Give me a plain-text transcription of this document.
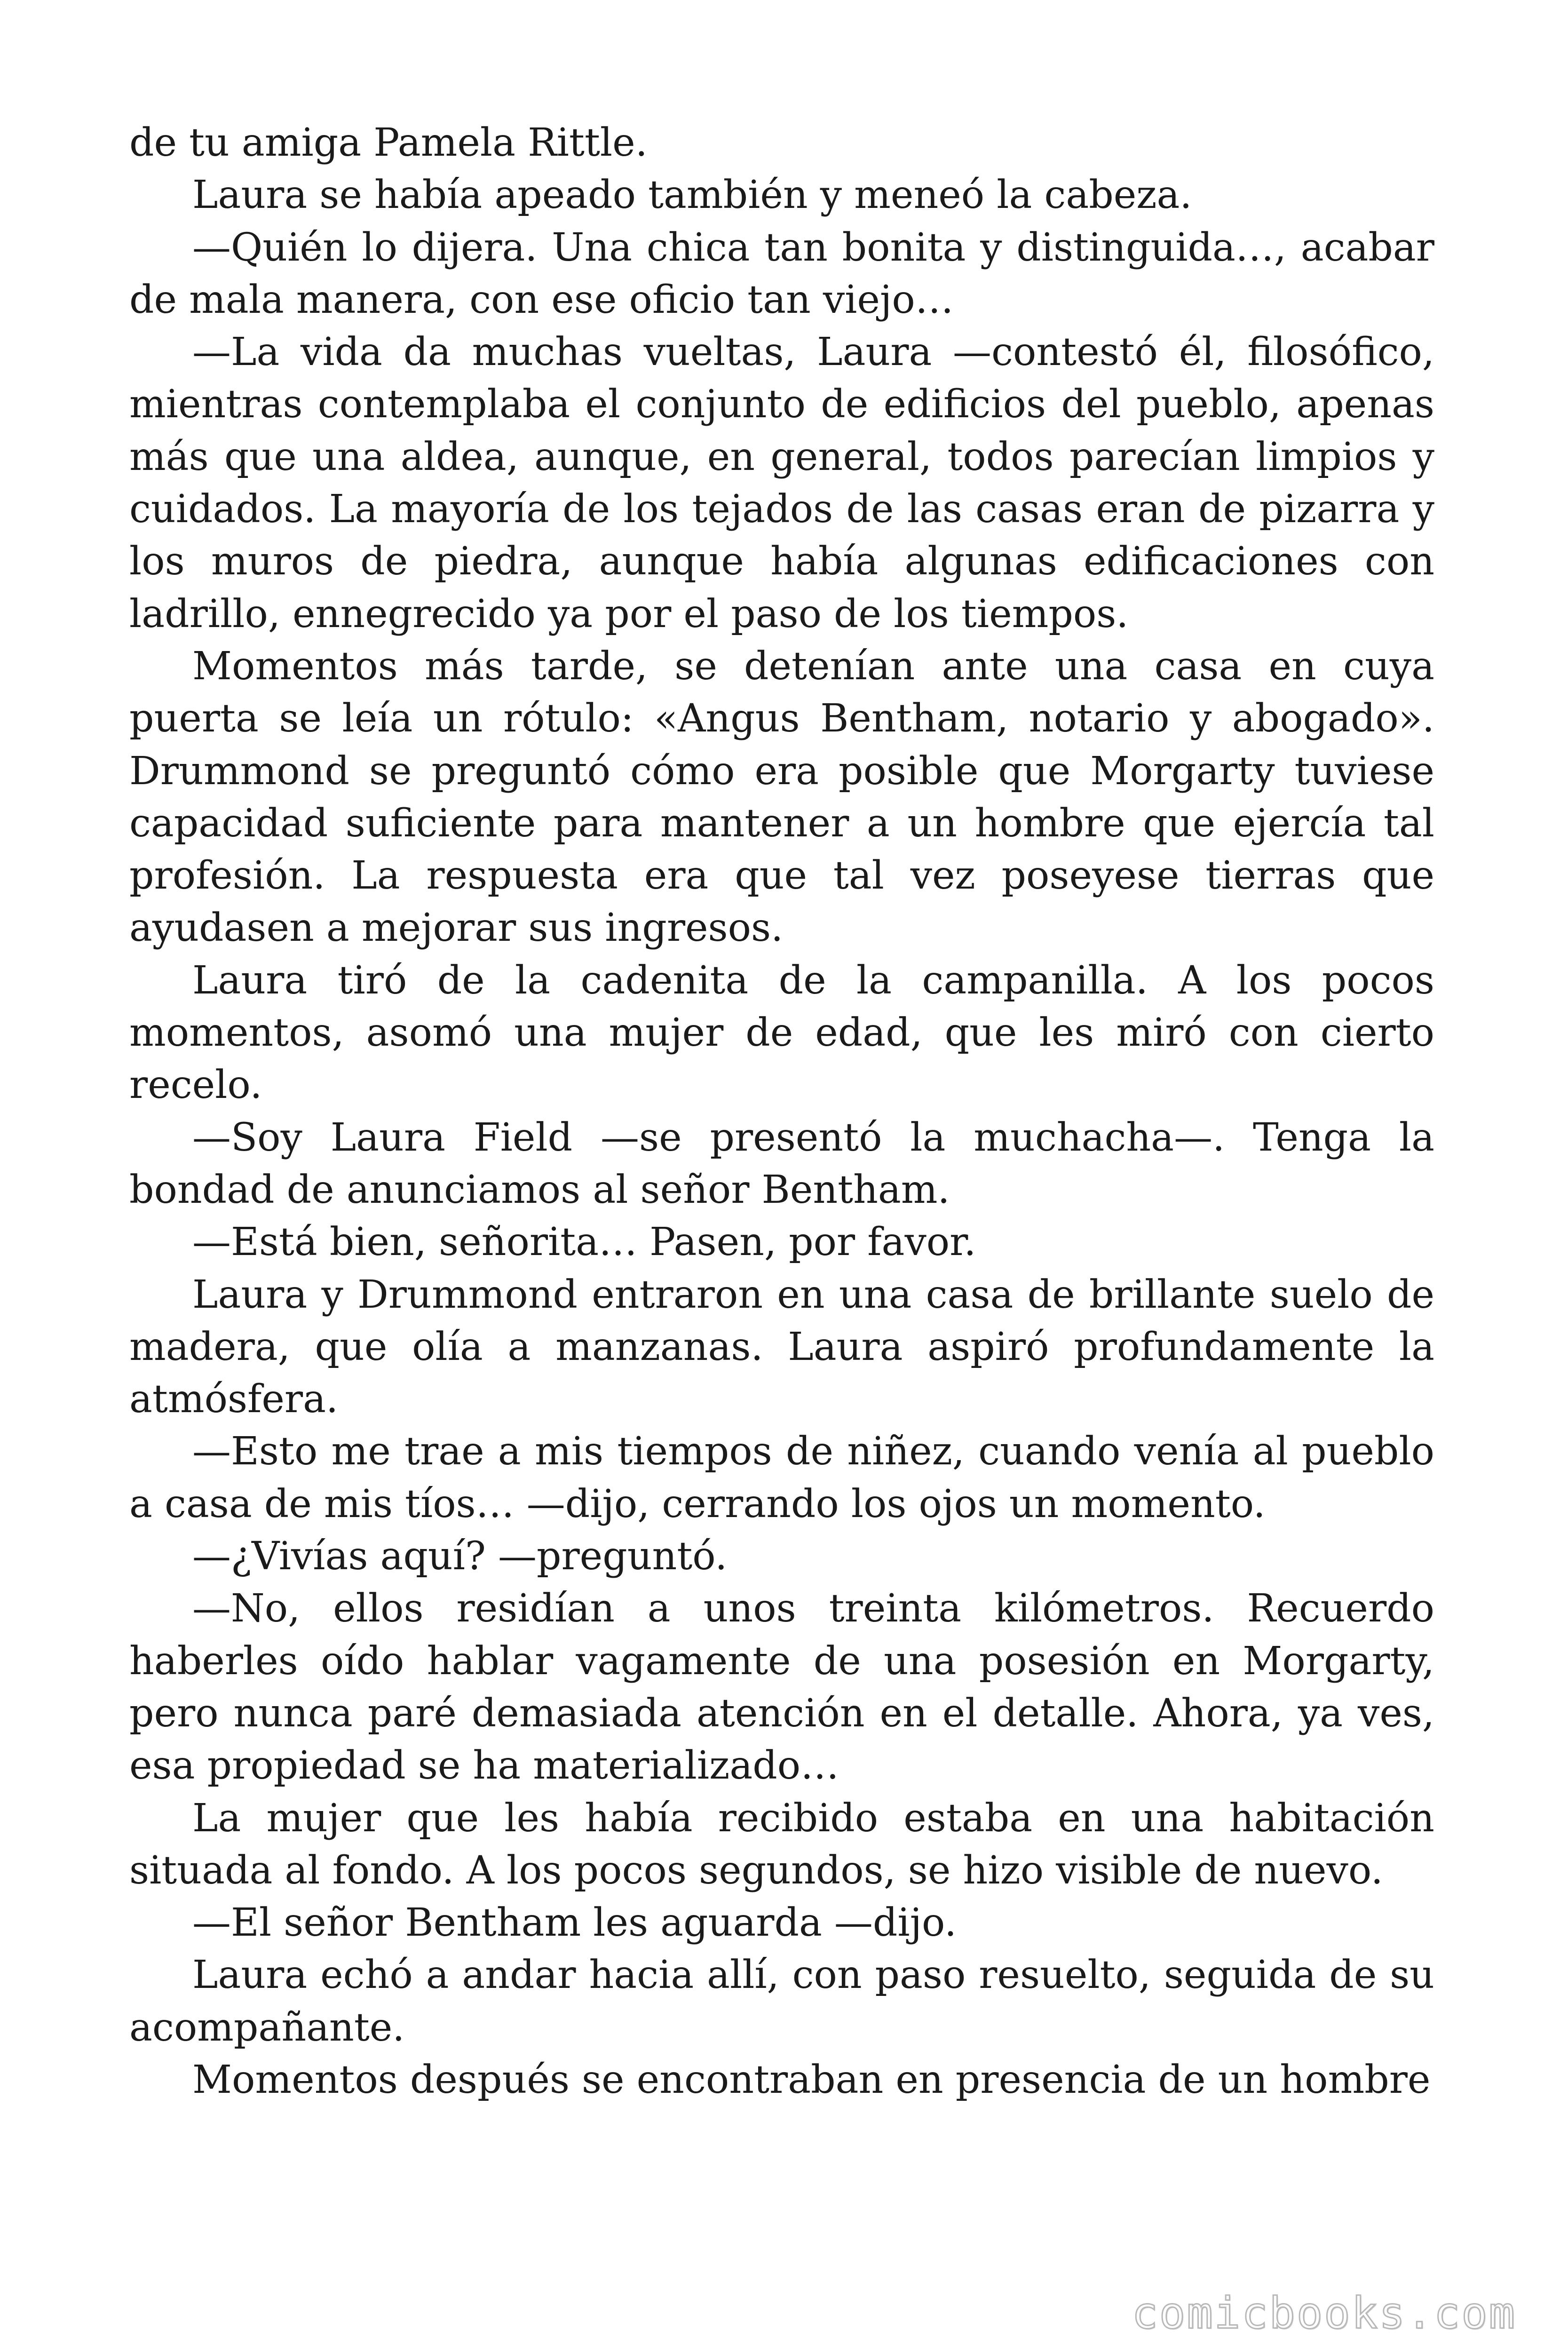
de tu amiga Pamela Rittle.

Laura se había apeado también y meneó la cabeza.

—Quién lo dijera. Una chica tan bonita y distinguida…, acabar de mala manera, con ese oficio tan viejo…

—La vida da muchas vueltas, Laura —contestó él, filosófico, mientras contemplaba el conjunto de edificios del pueblo, apenas más que una aldea, aunque, en general, todos parecían limpios y cuidados. La mayoría de los tejados de las casas eran de pizarra y los muros de piedra, aunque había algunas edificaciones con ladrillo, ennegrecido ya por el paso de los tiempos.

Momentos más tarde, se detenían ante una casa en cuya puerta se leía un rótulo: «Angus Bentham, notario y abogado». Drummond se preguntó cómo era posible que Morgarty tuviese capacidad suficiente para mantener a un hombre que ejercía tal profesión. La respuesta era que tal vez poseyese tierras que ayudasen a mejorar sus ingresos.

Laura tiró de la cadenita de la campanilla. A los pocos momentos, asomó una mujer de edad, que les miró con cierto recelo.

—Soy Laura Field —se presentó la muchacha—. Tenga la bondad de anunciamos al señor Bentham.

—Está bien, señorita… Pasen, por favor.

Laura y Drummond entraron en una casa de brillante suelo de madera, que olía a manzanas. Laura aspiró profundamente la atmósfera.

—Esto me trae a mis tiempos de niñez, cuando venía al pueblo a casa de mis tíos… —dijo, cerrando los ojos un momento.

—¿Vivías aquí? —preguntó.

—No, ellos residían a unos treinta kilómetros. Recuerdo haberles oído hablar vagamente de una posesión en Morgarty, pero nunca paré demasiada atención en el detalle. Ahora, ya ves, esa propiedad se ha materializado…

La mujer que les había recibido estaba en una habitación situada al fondo. A los pocos segundos, se hizo visible de nuevo.

—El señor Bentham les aguarda —dijo.

Laura echó a andar hacia allí, con paso resuelto, seguida de su acompañante.

Momentos después se encontraban en presencia de un hombre

comicbooks.com
